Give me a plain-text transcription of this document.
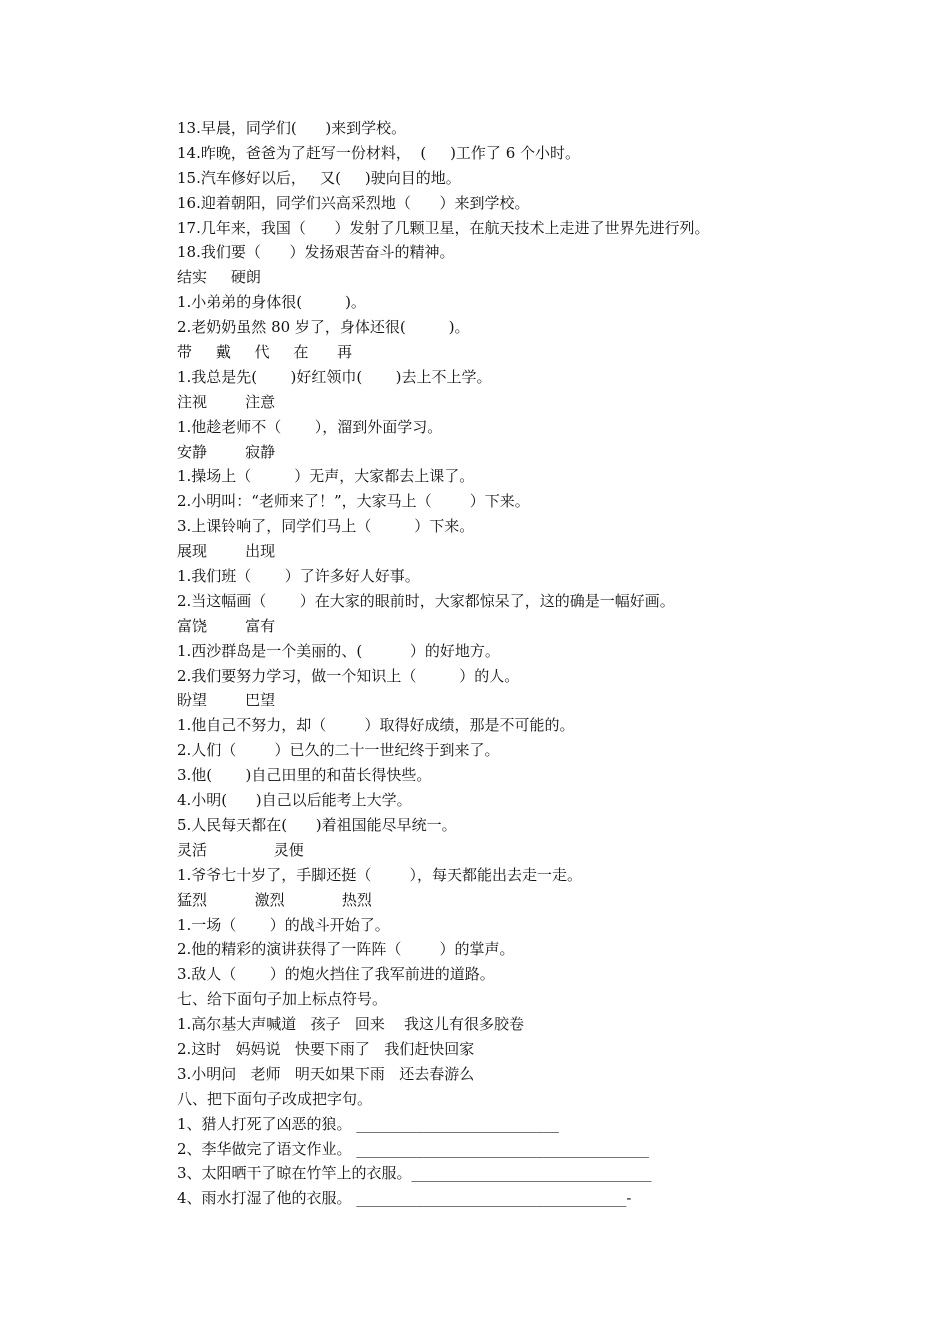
13.早晨，同学们(      )来到学校。
14.昨晚，爸爸为了赶写一份材料，  (     )工作了 6 个小时。
15.汽车修好以后，   又(     )驶向目的地。
16.迎着朝阳，同学们兴高采烈地（      ）来到学校。
17.几年来，我国（      ）发射了几颗卫星，在航天技术上走进了世界先进行列。
18.我们要（      ）发扬艰苦奋斗的精神。
结实     硬朗
1.小弟弟的身体很(         )。
2.老奶奶虽然 80 岁了，身体还很(         )。
带     戴     代     在      再
1.我总是先(       )好红领巾(       )去上不上学。
注视        注意
1.他趁老师不（       ），溜到外面学习。
安静        寂静
1.操场上（         ）无声，大家都去上课了。
2.小明叫：“老师来了！”，大家马上（        ）下来。
3.上课铃响了，同学们马上（         ）下来。
展现        出现
1.我们班（       ）了许多好人好事。
2.当这幅画（       ）在大家的眼前时，大家都惊呆了，这的确是一幅好画。
富饶        富有
1.西沙群岛是一个美丽的、(          ）的好地方。
2.我们要努力学习，做一个知识上（         ）的人。
盼望        巴望
1.他自己不努力，却（        ）取得好成绩，那是不可能的。
2.人们（        ）已久的二十一世纪终于到来了。
3.他(       )自己田里的和苗长得快些。
4.小明(      )自己以后能考上大学。
5.人民每天都在(      )着祖国能尽早统一。
灵活              灵便
1.爷爷七十岁了，手脚还挺（        ），每天都能出去走一走。
猛烈          激烈            热烈
1.一场（       ）的战斗开始了。
2.他的精彩的演讲获得了一阵阵（        ）的掌声。
3.敌人（       ）的炮火挡住了我军前进的道路。
七、给下面句子加上标点符号。
1.高尔基大声喊道   孩子   回来    我这儿有很多胶卷
2.这时   妈妈说   快要下雨了   我们赶快回家
3.小明问   老师   明天如果下雨   还去春游么
八、把下面句子改成把字句。
1、猎人打死了凶恶的狼。 ___________________________
2、李华做完了语文作业。 _______________________________________
3、太阳晒干了晾在竹竿上的衣服。________________________________
4、雨水打湿了他的衣服。 ____________________________________-
